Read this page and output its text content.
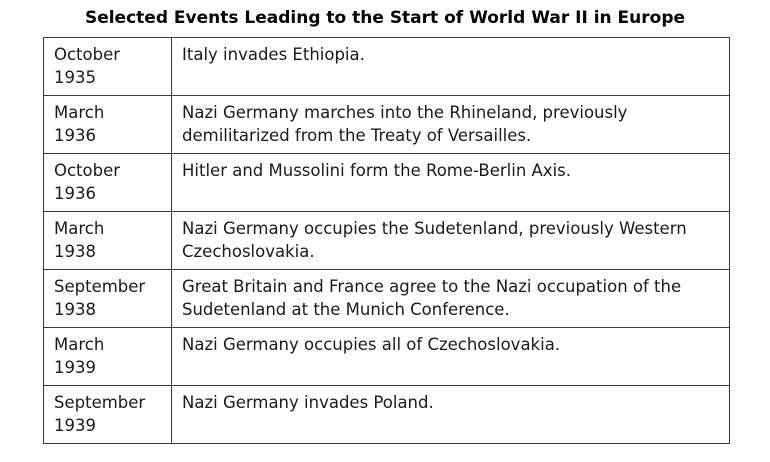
Selected Events Leading to the Start of World War II in Europe
October
1935	Italy invades Ethiopia.

March
1936	Nazi Germany marches into the Rhineland, previously demilitarized from the Treaty of Versailles.

October
1936	Hitler and Mussolini form the Rome-Berlin Axis.

March
1938	Nazi Germany occupies the Sudetenland, previously Western Czechoslovakia.

September
1938	Great Britain and France agree to the Nazi occupation of the Sudetenland at the Munich Conference.

March
1939	Nazi Germany occupies all of Czechoslovakia.

September
1939	Nazi Germany invades Poland.
